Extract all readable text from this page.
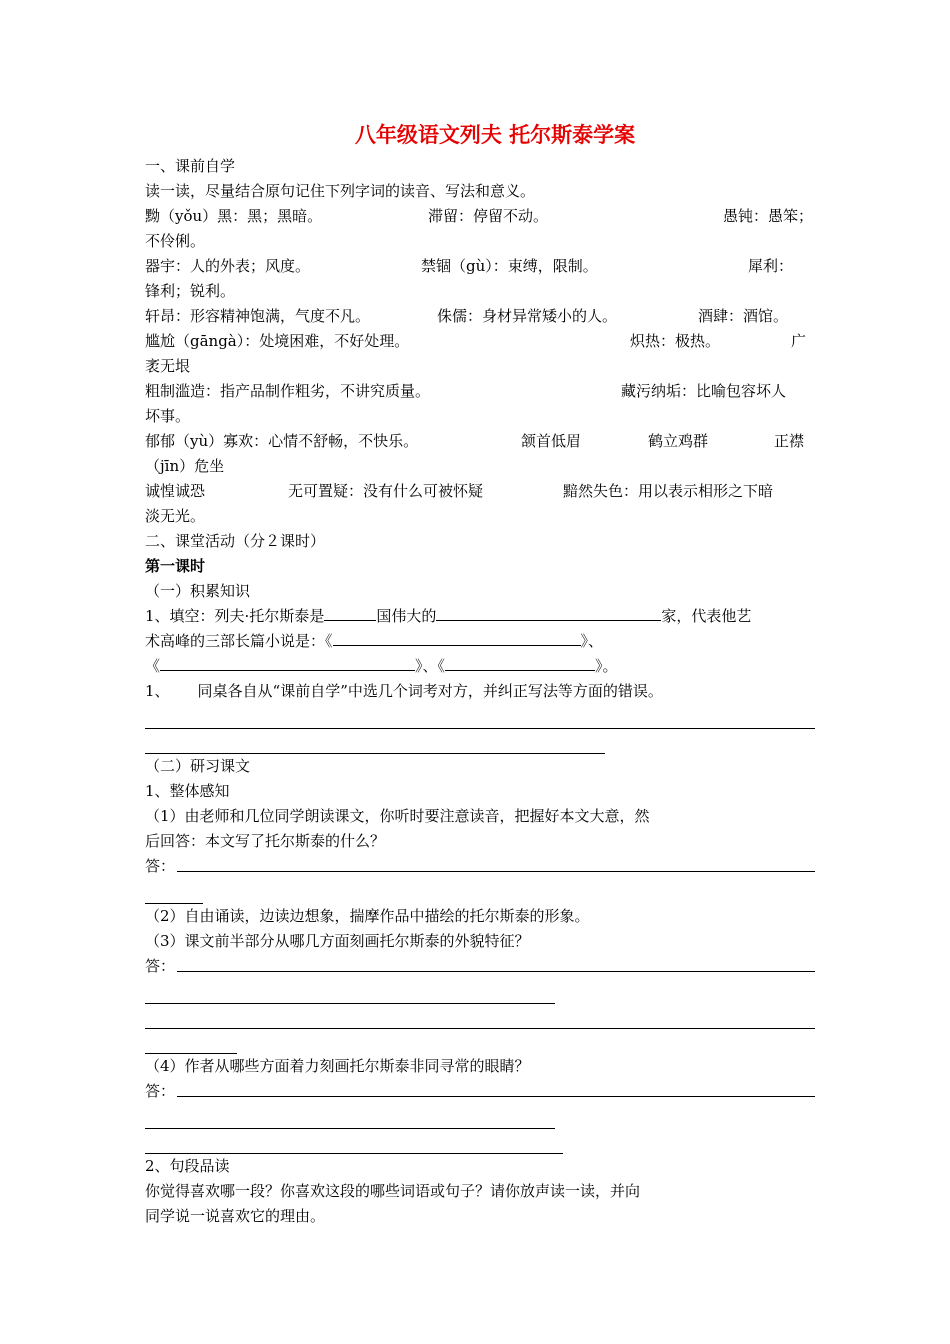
八年级语文列夫 托尔斯泰学案
一、课前自学
读一读，尽量结合原句记住下列字词的读音、写法和意义。
黝（yǒu）黑：黑；黑暗。	滞留：停留不动。	愚钝：愚笨；
不伶俐。
器宇：人的外表；风度。	禁锢（gù）：束缚，限制。	犀利：
锋利；锐利。
轩昂：形容精神饱满，气度不凡。	侏儒：身材异常矮小的人。	酒肆：酒馆。
尴尬（gāngà）：处境困难，不好处理。	炽热：极热。	广
袤无垠
粗制滥造：指产品制作粗劣，不讲究质量。	藏污纳垢：比喻包容坏人
坏事。
郁郁（yù）寡欢：心情不舒畅，不快乐。	颔首低眉	鹤立鸡群	正襟
（jīn）危坐
诚惶诚恐	无可置疑：没有什么可被怀疑	黯然失色：用以表示相形之下暗
淡无光。
二、课堂活动（分２课时）
第一课时
（一）积累知识
1、填空：列夫·托尔斯泰是	国伟大的	家，代表他艺
术高峰的三部长篇小说是：《	》、
《	》、《	》。
1、 同桌各自从“课前自学”中选几个词考对方，并纠正写法等方面的错误。
（二）研习课文
1、整体感知
（1）由老师和几位同学朗读课文，你听时要注意读音，把握好本文大意，然
后回答：本文写了托尔斯泰的什么？
答：
（2）自由诵读，边读边想象，揣摩作品中描绘的托尔斯泰的形象。
（3）课文前半部分从哪几方面刻画托尔斯泰的外貌特征？
答：
（4）作者从哪些方面着力刻画托尔斯泰非同寻常的眼睛？
答：
2、句段品读
你觉得喜欢哪一段？你喜欢这段的哪些词语或句子？请你放声读一读，并向
同学说一说喜欢它的理由。
